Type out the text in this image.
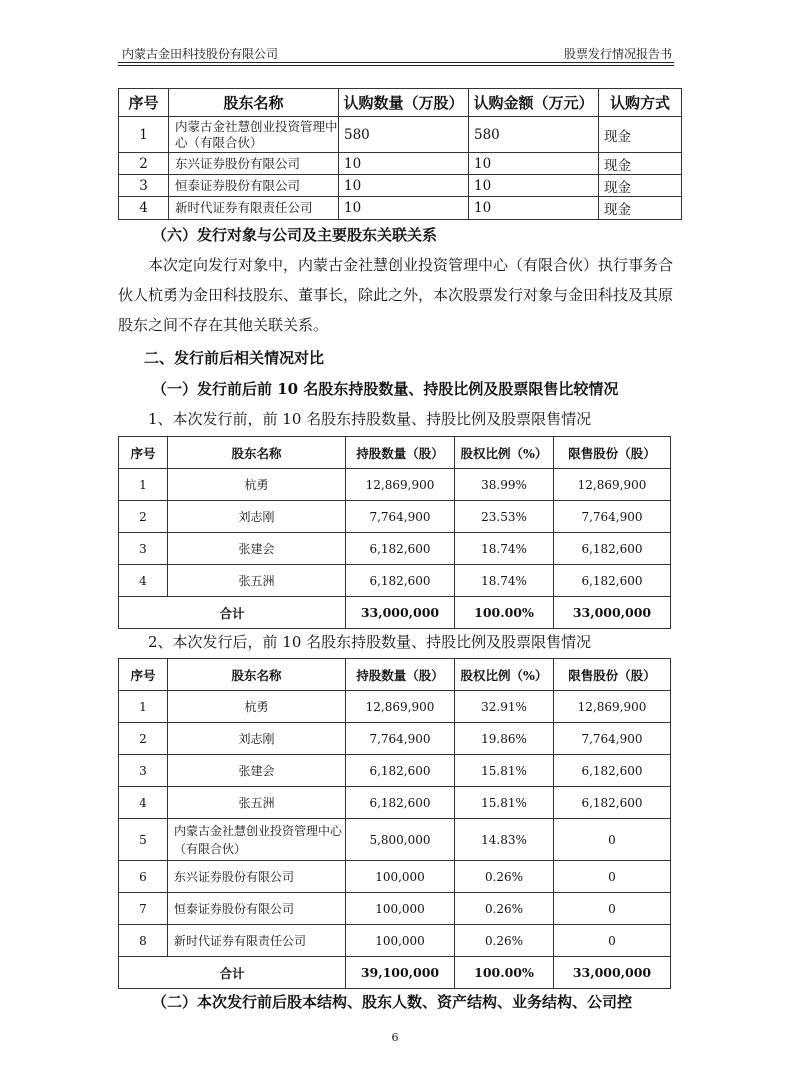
内蒙古金田科技股份有限公司	股票发行情况报告书
序号	股东名称	认购数量（万股）	认购金额（万元）	认购方式
1	内蒙古金社慧创业投资管理中心（有限合伙）	580	580	现金
2	东兴证券股份有限公司	10	10	现金
3	恒泰证券股份有限公司	10	10	现金
4	新时代证券有限责任公司	10	10	现金
（六）发行对象与公司及主要股东关联关系
本次定向发行对象中，内蒙古金社慧创业投资管理中心（有限合伙）执行事务合伙人杭勇为金田科技股东、董事长，除此之外，本次股票发行对象与金田科技及其原股东之间不存在其他关联关系。
二、发行前后相关情况对比
（一）发行前后前 10 名股东持股数量、持股比例及股票限售比较情况
1、本次发行前，前 10 名股东持股数量、持股比例及股票限售情况
序号	股东名称	持股数量（股）	股权比例（%）	限售股份（股）
1	杭勇	12,869,900	38.99%	12,869,900
2	刘志刚	7,764,900	23.53%	7,764,900
3	张建会	6,182,600	18.74%	6,182,600
4	张五洲	6,182,600	18.74%	6,182,600
合计		33,000,000	100.00%	33,000,000
2、本次发行后，前 10 名股东持股数量、持股比例及股票限售情况
序号	股东名称	持股数量（股）	股权比例（%）	限售股份（股）
1	杭勇	12,869,900	32.91%	12,869,900
2	刘志刚	7,764,900	19.86%	7,764,900
3	张建会	6,182,600	15.81%	6,182,600
4	张五洲	6,182,600	15.81%	6,182,600
5	内蒙古金社慧创业投资管理中心（有限合伙）	5,800,000	14.83%	0
6	东兴证券股份有限公司	100,000	0.26%	0
7	恒泰证券股份有限公司	100,000	0.26%	0
8	新时代证券有限责任公司	100,000	0.26%	0
合计		39,100,000	100.00%	33,000,000
（二）本次发行前后股本结构、股东人数、资产结构、业务结构、公司控
6
